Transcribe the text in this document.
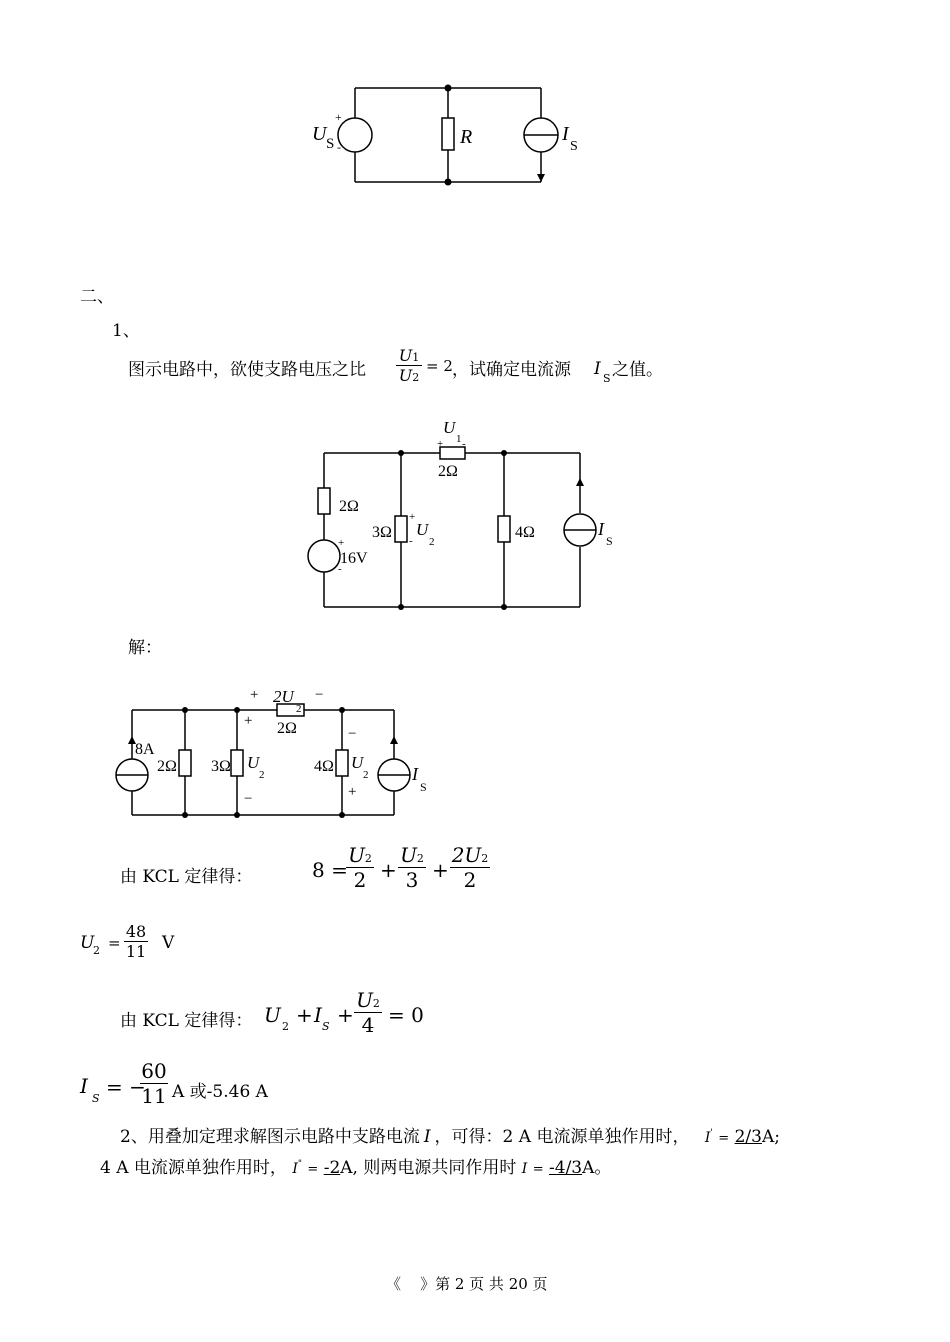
U S
+
-	R	I
S
二、
1、
图示电路中，欲使支路电压之比
U1
U2
= 2 ，试确定电流源 I S 之值。
U
1
+ -
2Ω
2Ω
+
16V
-
3Ω
+
U
2
-	4Ω	I
S
解：
+ 2U
2
−
2Ω
8A
2Ω 3Ω
+
U
2
−
4Ω
−
U
2
+
I
S
由 KCL 定律得：	8 =
U2
2 +
U2
3 +
2U2
2
U
2 =
48
11 V
由 KCL 定律得： U 2 + I S +
U2
4 = 0
I
S = −
60
11 A 或-5.46 A
2、用叠加定理求解图示电路中支路电流 I ，可得：2 A 电流源单独作用时， I' = 2/3A;
4 A 电流源单独作用时， I" = -2A, 则两电源共同作用时 I = -4/3A。
《    》第 2 页 共 20 页
